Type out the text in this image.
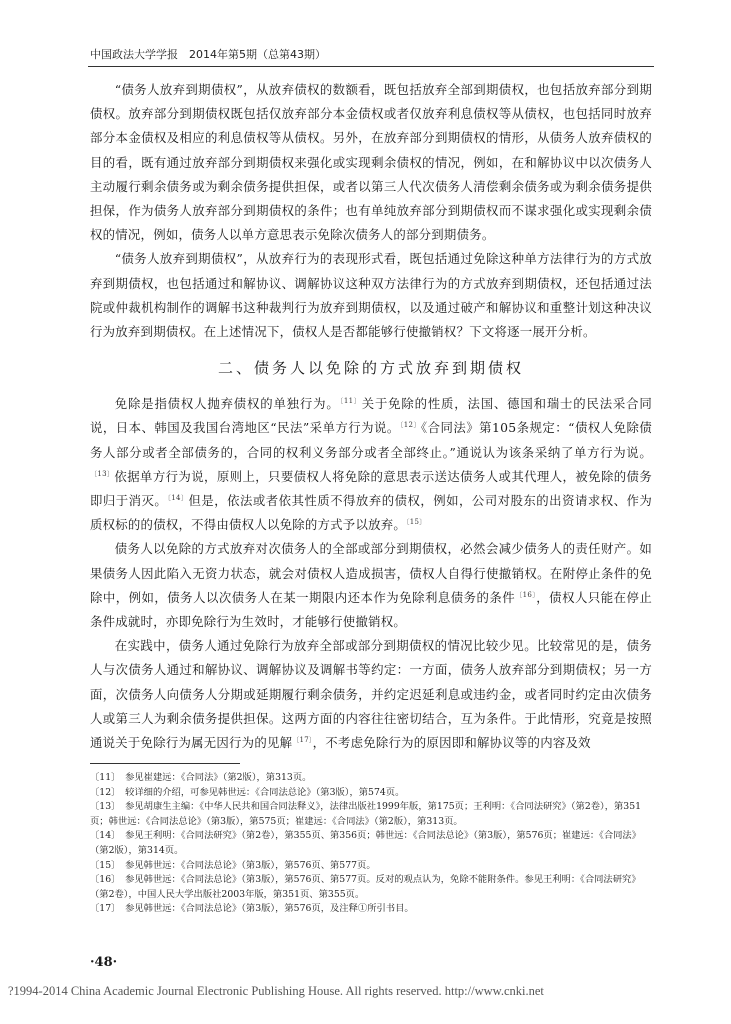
中国政法大学学报　2014年第5期（总第43期）

“债务人放弃到期债权”，从放弃债权的数额看，既包括放弃全部到期债权，也包括放弃部分到期债权。放弃部分到期债权既包括仅放弃部分本金债权或者仅放弃利息债权等从债权，也包括同时放弃部分本金债权及相应的利息债权等从债权。另外，在放弃部分到期债权的情形，从债务人放弃债权的目的看，既有通过放弃部分到期债权来强化或实现剩余债权的情况，例如，在和解协议中以次债务人主动履行剩余债务或为剩余债务提供担保，或者以第三人代次债务人清偿剩余债务或为剩余债务提供担保，作为债务人放弃部分到期债权的条件；也有单纯放弃部分到期债权而不谋求强化或实现剩余债权的情况，例如，债务人以单方意思表示免除次债务人的部分到期债务。

“债务人放弃到期债权”，从放弃行为的表现形式看，既包括通过免除这种单方法律行为的方式放弃到期债权，也包括通过和解协议、调解协议这种双方法律行为的方式放弃到期债权，还包括通过法院或仲裁机构制作的调解书这种裁判行为放弃到期债权，以及通过破产和解协议和重整计划这种决议行为放弃到期债权。在上述情况下，债权人是否都能够行使撤销权？下文将逐一展开分析。

二、债务人以免除的方式放弃到期债权

免除是指债权人抛弃债权的单独行为。$^{〔11〕}$关于免除的性质，法国、德国和瑞士的民法采合同说，日本、韩国及我国台湾地区“民法”采单方行为说。$^{〔12〕}$《合同法》第105条规定：“债权人免除债务人部分或者全部债务的，合同的权利义务部分或者全部终止。”通说认为该条采纳了单方行为说。$^{〔13〕}$依据单方行为说，原则上，只要债权人将免除的意思表示送达债务人或其代理人，被免除的债务即归于消灭。$^{〔14〕}$但是，依法或者依其性质不得放弃的债权，例如，公司对股东的出资请求权、作为质权标的的债权，不得由债权人以免除的方式予以放弃。$^{〔15〕}$

债务人以免除的方式放弃对次债务人的全部或部分到期债权，必然会减少债务人的责任财产。如果债务人因此陷入无资力状态，就会对债权人造成损害，债权人自得行使撤销权。在附停止条件的免除中，例如，债务人以次债务人在某一期限内还本作为免除利息债务的条件$^{〔16〕}$，债权人只能在停止条件成就时，亦即免除行为生效时，才能够行使撤销权。

在实践中，债务人通过免除行为放弃全部或部分到期债权的情况比较少见。比较常见的是，债务人与次债务人通过和解协议、调解协议及调解书等约定：一方面，债务人放弃部分到期债权；另一方面，次债务人向债务人分期或延期履行剩余债务，并约定迟延利息或违约金，或者同时约定由次债务人或第三人为剩余债务提供担保。这两方面的内容往往密切结合，互为条件。于此情形，究竟是按照通说关于免除行为属无因行为的见解$^{〔17〕}$，不考虑免除行为的原因即和解协议等的内容及效

〔11〕　参见崔建远：《合同法》（第2版），第313页。

〔12〕　较详细的介绍，可参见韩世远：《合同法总论》（第3版），第574页。

〔13〕　参见胡康生主编：《中华人民共和国合同法释义》，法律出版社1999年版，第175页；王利明：《合同法研究》（第2卷），第351页；韩世远：《合同法总论》（第3版），第575页；崔建远：《合同法》（第2版），第313页。

〔14〕　参见王利明：《合同法研究》（第2卷），第355页、第356页；韩世远：《合同法总论》（第3版），第576页；崔建远：《合同法》（第2版），第314页。

〔15〕　参见韩世远：《合同法总论》（第3版），第576页、第577页。

〔16〕　参见韩世远：《合同法总论》（第3版），第576页、第577页。反对的观点认为，免除不能附条件。参见王利明：《合同法研究》（第2卷），中国人民大学出版社2003年版，第351页、第355页。

〔17〕　参见韩世远：《合同法总论》（第3版），第576页，及注释①所引书目。

·48·
?1994-2014 China Academic Journal Electronic Publishing House. All rights reserved. http://www.cnki.net
